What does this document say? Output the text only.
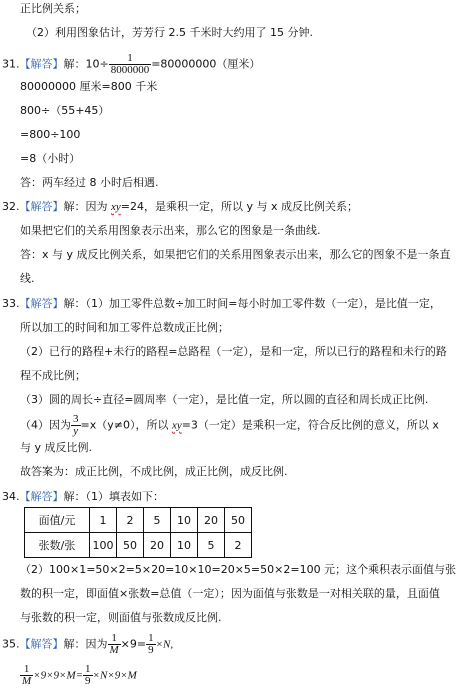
正比例关系；
（2）利用图象估计，芳芳行 2.5 千米时大约用了 15 分钟.
31.【解答】解：$10\div \frac{1}{8000000} =80000000$（厘米）
80000000 厘米=800 千米
800÷（55+45）
=800÷100
=8（小时）
答：两车经过 8 小时后相遇.
32.【解答】解：因为 xy=24，是乘积一定，所以 y 与 x 成反比例关系；
如果把它们的关系用图象表示出来，那么它的图象是一条曲线.
答：x 与 y 成反比例关系，如果把它们的关系用图象表示出来，那么它的图象不是一条直
线.
33.【解答】解：（1）加工零件总数÷加工时间=每小时加工零件数（一定），是比值一定，
所以加工的时间和加工零件总数成正比例；
（2）已行的路程+未行的路程=总路程（一定），是和一定，所以已行的路程和未行的路
程不成比例；
（3）圆的周长÷直径=圆周率（一定），是比值一定，所以圆的直径和周长成正比例.
（4）因为 $\frac{3}{y} =x(y\ne 0)$，所以 xy=3（一定）是乘积一定，符合反比例的意义，所以 x
与 y 成反比例.
故答案为：成正比例，不成比例，成正比例，成反比例.
34.【解答】解：（1）填表如下：
面值/元	1	2	5	10	20	50
张数/张	100	50	20	10	5	2
（2）100×1=50×2=5×20=10×10=20×5=50×2=100 元；这个乘积表示面值与张
数的积一定，即面值×张数=总值（一定）；因为面值与张数是一对相关联的量，且面值
与张数的积一定，则面值与张数成反比例.
35.【解答】解：因为 $\frac{1}{M} \times 9= \frac{1}{9} \times N$,
$\frac{1}{M} \times 9\times 9\times M= \frac{1}{9} \times N\times 9\times M$
